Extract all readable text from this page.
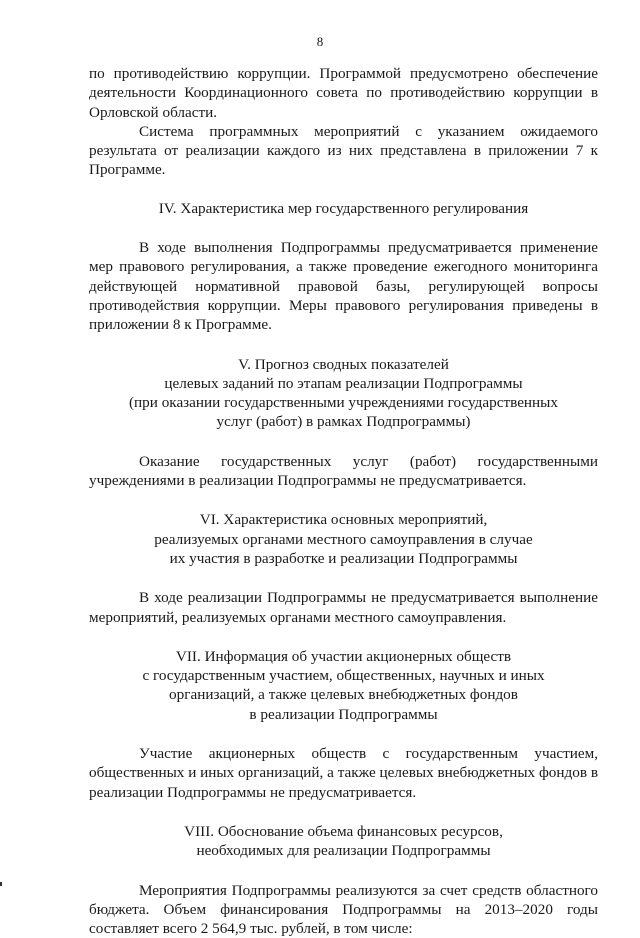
8

по противодействию коррупции. Программой предусмотрено обеспечение деятельности Координационного совета по противодействию коррупции в Орловской области.

Система программных мероприятий с указанием ожидаемого результата от реализации каждого из них представлена в приложении 7 к Программе.

IV. Характеристика мер государственного регулирования

В ходе выполнения Подпрограммы предусматривается применение мер правового регулирования, а также проведение ежегодного мониторинга действующей нормативной правовой базы, регулирующей вопросы противодействия коррупции. Меры правового регулирования приведены в приложении 8 к Программе.

V. Прогноз сводных показателей
целевых заданий по этапам реализации Подпрограммы
(при оказании государственными учреждениями государственных
услуг (работ) в рамках Подпрограммы)

Оказание государственных услуг (работ) государственными учреждениями в реализации Подпрограммы не предусматривается.

VI. Характеристика основных мероприятий,
реализуемых органами местного самоуправления в случае
их участия в разработке и реализации Подпрограммы

В ходе реализации Подпрограммы не предусматривается выполнение мероприятий, реализуемых органами местного самоуправления.

VII. Информация об участии акционерных обществ
с государственным участием, общественных, научных и иных
организаций, а также целевых внебюджетных фондов
в реализации Подпрограммы

Участие акционерных обществ с государственным участием, общественных и иных организаций, а также целевых внебюджетных фондов в реализации Подпрограммы не предусматривается.

VIII. Обоснование объема финансовых ресурсов,
необходимых для реализации Подпрограммы

Мероприятия Подпрограммы реализуются за счет средств областного бюджета. Объем финансирования Подпрограммы на 2013–2020 годы составляет всего 2 564,9 тыс. рублей, в том числе:
